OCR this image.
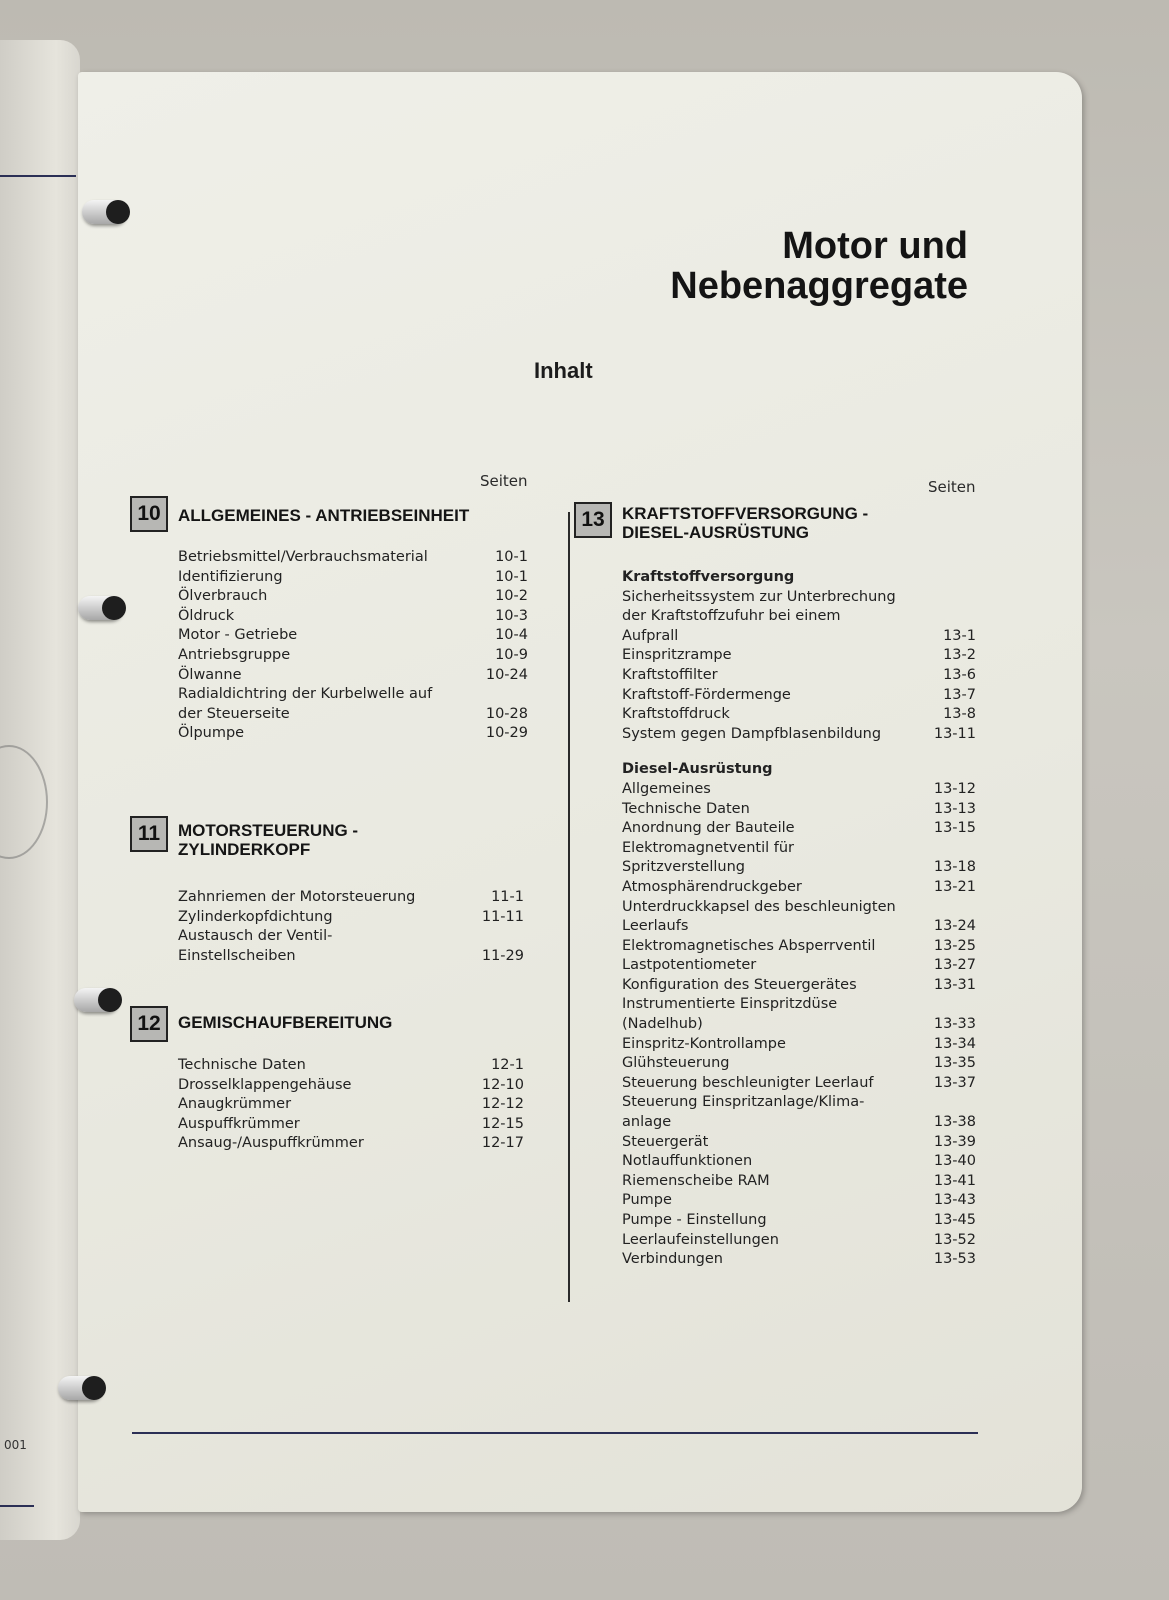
001
Motor und
Nebenaggregate
Inhalt
Seiten	Seiten
10	ALLGEMEINES - ANTRIEBSEINHEIT
Betriebsmittel/Verbrauchsmaterial	10-1
Identifizierung	10-1
Ölverbrauch	10-2
Öldruck	10-3
Motor - Getriebe	10-4
Antriebsgruppe	10-9
Ölwanne	10-24
Radialdichtring der Kurbelwelle auf
der Steuerseite	10-28
Ölpumpe	10-29
11	MOTORSTEUERUNG -
ZYLINDERKOPF
Zahnriemen der Motorsteuerung	11-1
Zylinderkopfdichtung	11-11
Austausch der Ventil-
Einstellscheiben	11-29
12	GEMISCHAUFBEREITUNG
Technische Daten	12-1
Drosselklappengehäuse	12-10
Anaugkrümmer	12-12
Auspuffkrümmer	12-15
Ansaug-/Auspuffkrümmer	12-17
13	KRAFTSTOFFVERSORGUNG -
DIESEL-AUSRÜSTUNG
Kraftstoffversorgung
Sicherheitssystem zur Unterbrechung
der Kraftstoffzufuhr bei einem
Aufprall	13-1
Einspritzrampe	13-2
Kraftstoffilter	13-6
Kraftstoff-Fördermenge	13-7
Kraftstoffdruck	13-8
System gegen Dampfblasenbildung	13-11
Diesel-Ausrüstung
Allgemeines	13-12
Technische Daten	13-13
Anordnung der Bauteile	13-15
Elektromagnetventil für
Spritzverstellung	13-18
Atmosphärendruckgeber	13-21
Unterdruckkapsel des beschleunigten
Leerlaufs	13-24
Elektromagnetisches Absperrventil	13-25
Lastpotentiometer	13-27
Konfiguration des Steuergerätes	13-31
Instrumentierte Einspritzdüse
(Nadelhub)	13-33
Einspritz-Kontrollampe	13-34
Glühsteuerung	13-35
Steuerung beschleunigter Leerlauf	13-37
Steuerung Einspritzanlage/Klima-
anlage	13-38
Steuergerät	13-39
Notlauffunktionen	13-40
Riemenscheibe RAM	13-41
Pumpe	13-43
Pumpe - Einstellung	13-45
Leerlaufeinstellungen	13-52
Verbindungen	13-53
